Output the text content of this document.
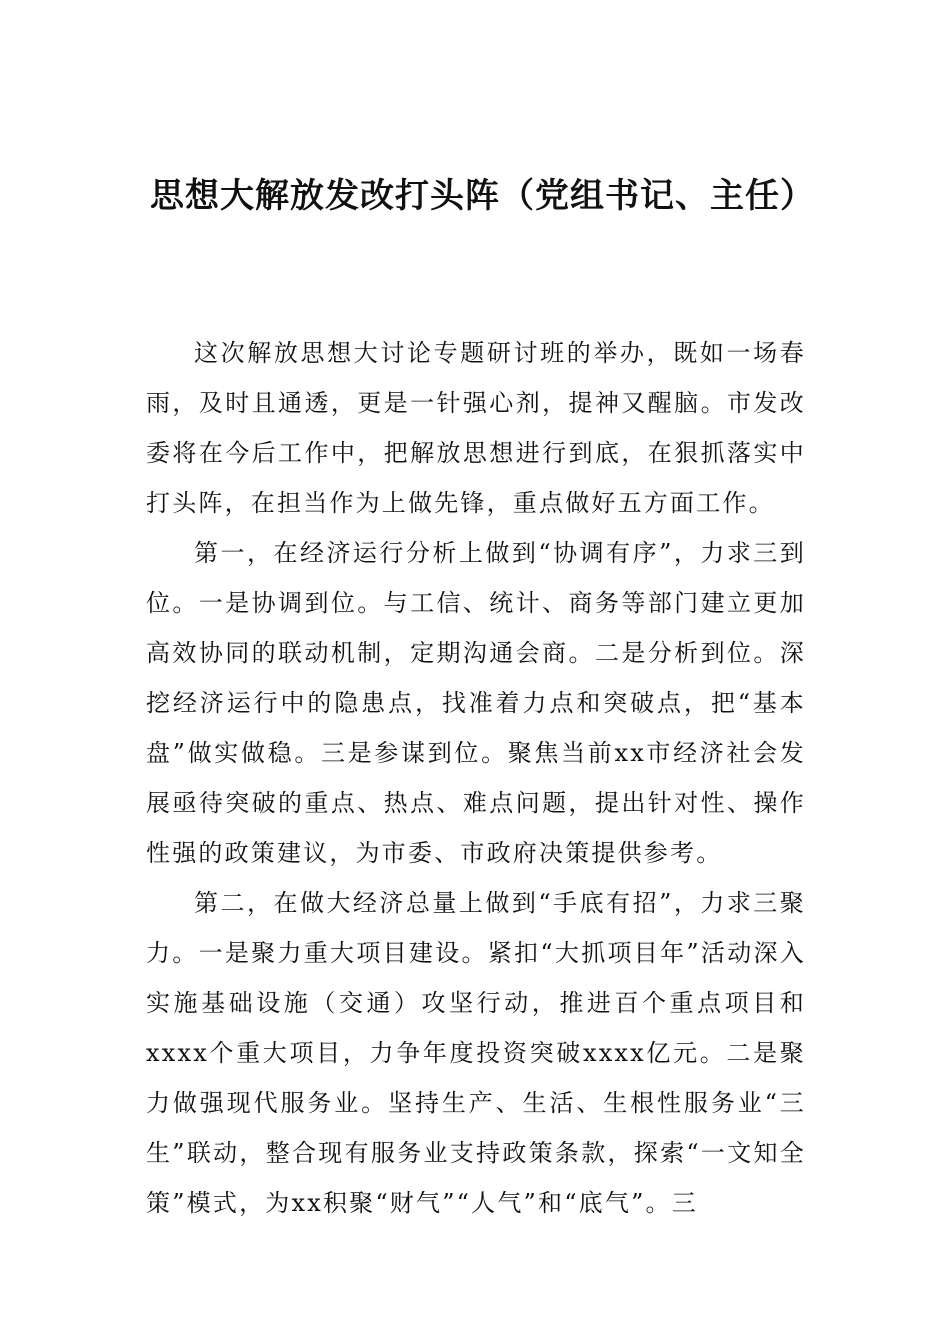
思想大解放发改打头阵（党组书记、主任）

这次解放思想大讨论专题研讨班的举办，既如一场春雨，及时且通透，更是一针强心剂，提神又醒脑。市发改委将在今后工作中，把解放思想进行到底，在狠抓落实中打头阵，在担当作为上做先锋，重点做好五方面工作。

第一，在经济运行分析上做到“协调有序”，力求三到位。一是协调到位。与工信、统计、商务等部门建立更加高效协同的联动机制，定期沟通会商。二是分析到位。深挖经济运行中的隐患点，找准着力点和突破点，把“基本盘”做实做稳。三是参谋到位。聚焦当前xx市经济社会发展亟待突破的重点、热点、难点问题，提出针对性、操作性强的政策建议，为市委、市政府决策提供参考。

第二，在做大经济总量上做到“手底有招”，力求三聚力。一是聚力重大项目建设。紧扣“大抓项目年”活动深入实施基础设施（交通）攻坚行动，推进百个重点项目和xxxx个重大项目，力争年度投资突破xxxx亿元。二是聚力做强现代服务业。坚持生产、生活、生根性服务业“三生”联动，整合现有服务业支持政策条款，探索“一文知全策”模式，为xx积聚“财气”“人气”和“底气”。三
